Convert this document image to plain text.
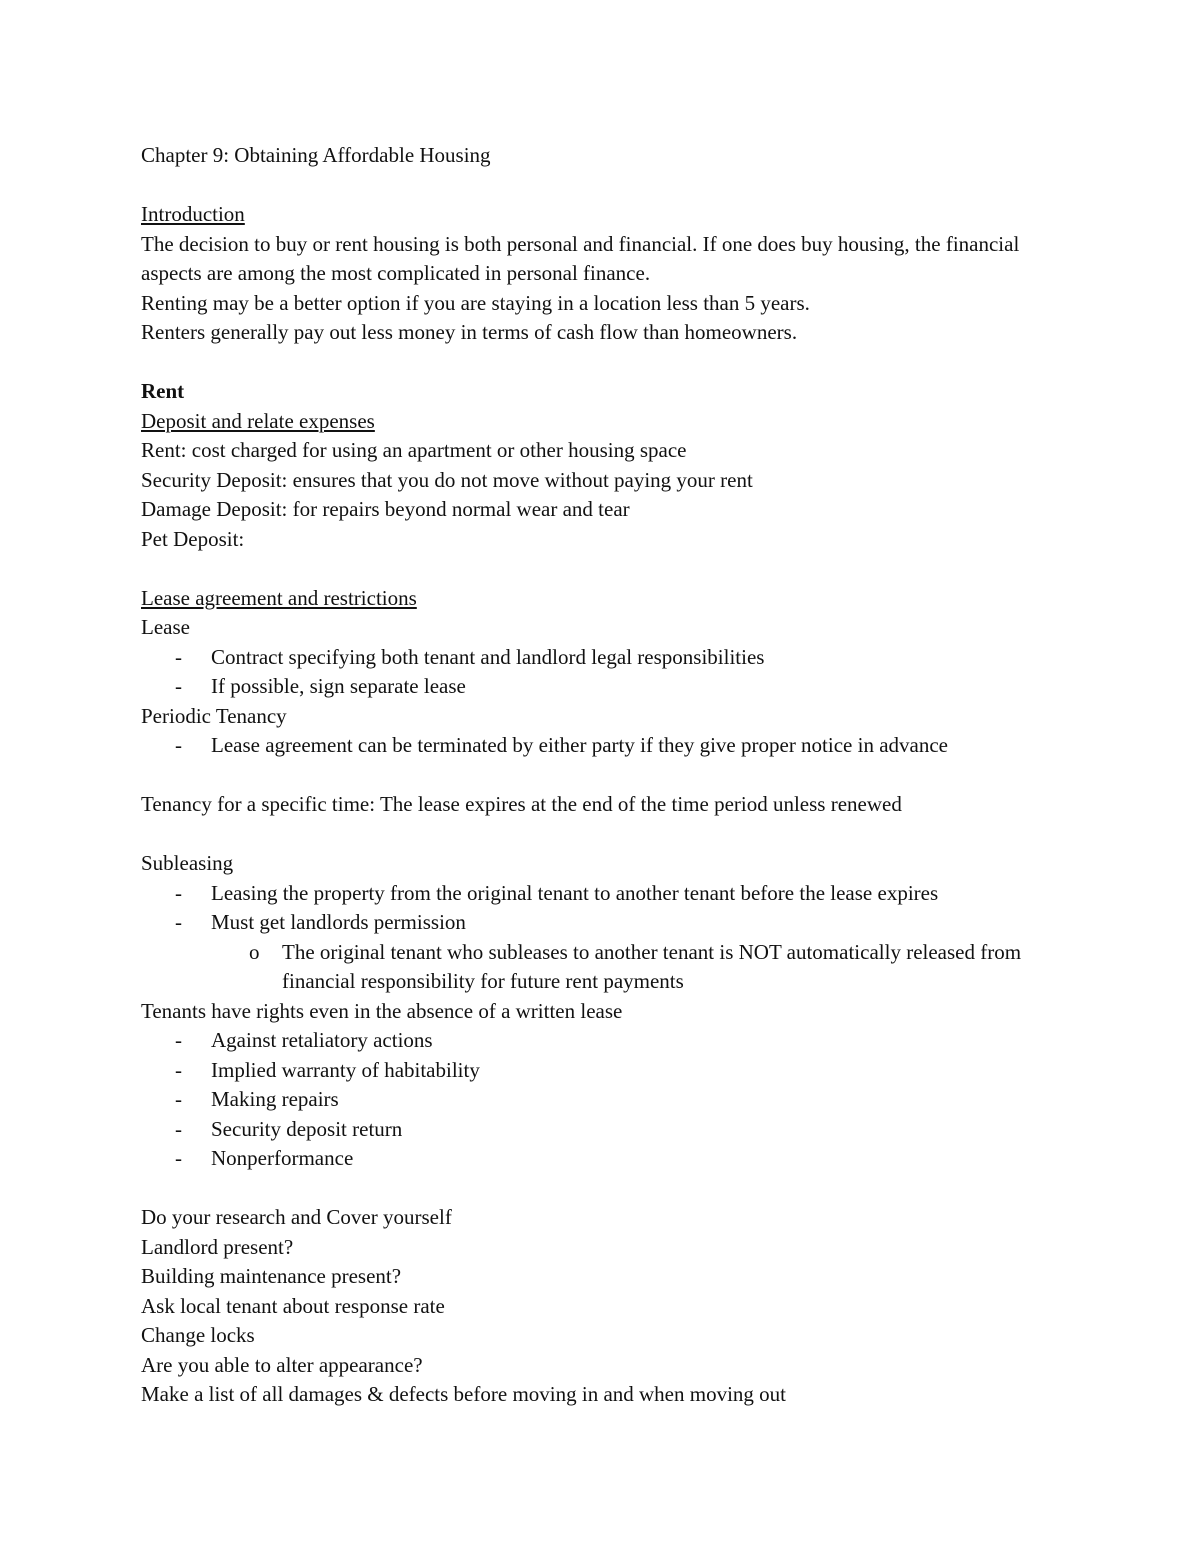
Chapter 9: Obtaining Affordable Housing

Introduction

The decision to buy or rent housing is both personal and financial. If one does buy housing, the financial aspects are among the most complicated in personal finance.

Renting may be a better option if you are staying in a location less than 5 years.

Renters generally pay out less money in terms of cash flow than homeowners.

Rent

Deposit and relate expenses

Rent: cost charged for using an apartment or other housing space

Security Deposit: ensures that you do not move without paying your rent

Damage Deposit: for repairs beyond normal wear and tear

Pet Deposit:

Lease agreement and restrictions

Lease

- Contract specifying both tenant and landlord legal responsibilities

- If possible, sign separate lease

Periodic Tenancy

- Lease agreement can be terminated by either party if they give proper notice in advance

Tenancy for a specific time: The lease expires at the end of the time period unless renewed

Subleasing

- Leasing the property from the original tenant to another tenant before the lease expires

- Must get landlords permission

o The original tenant who subleases to another tenant is NOT automatically released from financial responsibility for future rent payments

Tenants have rights even in the absence of a written lease

- Against retaliatory actions

- Implied warranty of habitability

- Making repairs

- Security deposit return

- Nonperformance

Do your research and Cover yourself

Landlord present?

Building maintenance present?

Ask local tenant about response rate

Change locks

Are you able to alter appearance?

Make a list of all damages & defects before moving in and when moving out
